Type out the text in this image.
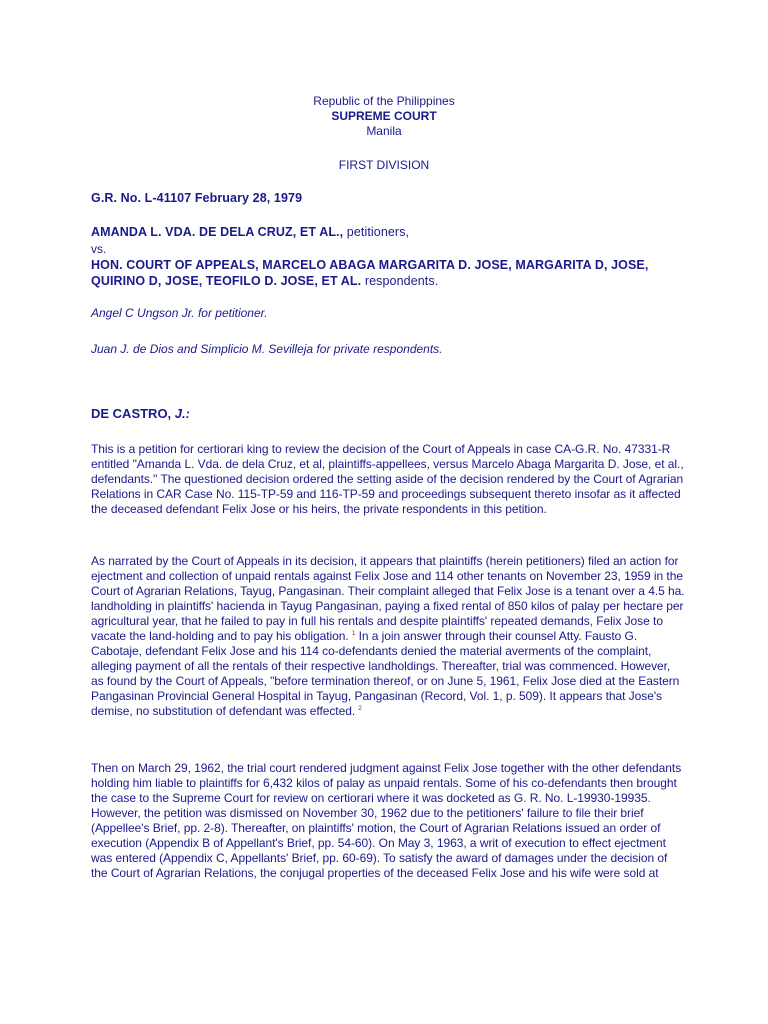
Republic of the Philippines
SUPREME COURT
Manila
FIRST DIVISION
G.R. No. L-41107 February 28, 1979
AMANDA L. VDA. DE DELA CRUZ, ET AL., petitioners,
vs.
HON. COURT OF APPEALS, MARCELO ABAGA MARGARITA D. JOSE, MARGARITA D, JOSE, QUIRINO D, JOSE, TEOFILO D. JOSE, ET AL. respondents.
Angel C Ungson Jr. for petitioner.
Juan J. de Dios and Simplicio M. Sevilleja for private respondents.
DE CASTRO, J.:
This is a petition for certiorari king to review the decision of the Court of Appeals in case CA-G.R. No. 47331-R entitled "Amanda L. Vda. de dela Cruz, et al, plaintiffs-appellees, versus Marcelo Abaga Margarita D. Jose, et al., defendants." The questioned decision ordered the setting aside of the decision rendered by the Court of Agrarian Relations in CAR Case No. 115-TP-59 and 116-TP-59 and proceedings subsequent thereto insofar as it affected the deceased defendant Felix Jose or his heirs, the private respondents in this petition.
As narrated by the Court of Appeals in its decision, it appears that plaintiffs (herein petitioners) filed an action for ejectment and collection of unpaid rentals against Felix Jose and 114 other tenants on November 23, 1959 in the Court of Agrarian Relations, Tayug, Pangasinan. Their complaint alleged that Felix Jose is a tenant over a 4.5 ha. landholding in plaintiffs' hacienda in Tayug Pangasinan, paying a fixed rental of 850 kilos of palay per hectare per agricultural year, that he failed to pay in full his rentals and despite plaintiffs' repeated demands, Felix Jose to vacate the land-holding and to pay his obligation. $^1$ In a join answer through their counsel Atty. Fausto G. Cabotaje, defendant Felix Jose and his 114 co-defendants denied the material averments of the complaint, alleging payment of all the rentals of their respective landholdings. Thereafter, trial was commenced. However, as found by the Court of Appeals, "before termination thereof, or on June 5, 1961, Felix Jose died at the Eastern Pangasinan Provincial General Hospital in Tayug, Pangasinan (Record, Vol. 1, p. 509). It appears that Jose's demise, no substitution of defendant was effected. $^2$
Then on March 29, 1962, the trial court rendered judgment against Felix Jose together with the other defendants holding him liable to plaintiffs for 6,432 kilos of palay as unpaid rentals. Some of his co-defendants then brought the case to the Supreme Court for review on certiorari where it was docketed as G. R. No. L-19930-19935. However, the petition was dismissed on November 30, 1962 due to the petitioners' failure to file their brief (Appellee's Brief, pp. 2-8). Thereafter, on plaintiffs' motion, the Court of Agrarian Relations issued an order of execution (Appendix B of Appellant's Brief, pp. 54-60). On May 3, 1963, a writ of execution to effect ejectment was entered (Appendix C, Appellants' Brief, pp. 60-69). To satisfy the award of damages under the decision of the Court of Agrarian Relations, the conjugal properties of the deceased Felix Jose and his wife were sold at
